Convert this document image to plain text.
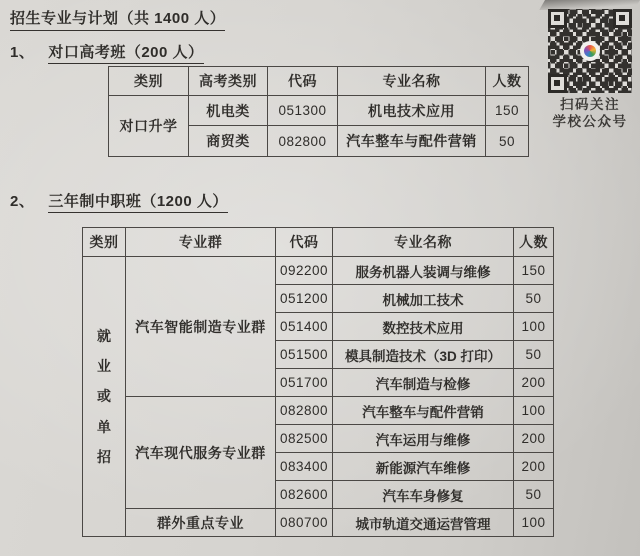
招生专业与计划（共 1400 人）
1、 对口高考班（200 人）
类别	高考类别	代码	专业名称	人数
对口升学	机电类	051300	机电技术应用	150
	商贸类	082800	汽车整车与配件营销	50
2、 三年制中职班（1200 人）
类别	专业群	代码	专业名称	人数

就业或单招	汽车智能制造专业群	092200	服务机器人装调与维修	150
		051200	机械加工技术	50
		051400	数控技术应用	100
		051500	模具制造技术（3D 打印）	50
		051700	汽车制造与检修	200
	汽车现代服务专业群	082800	汽车整车与配件营销	100
		082500	汽车运用与维修	200
		083400	新能源汽车维修	200
		082600	汽车车身修复	50
	群外重点专业	080700	城市轨道交通运营管理	100
扫码关注
学校公众号
